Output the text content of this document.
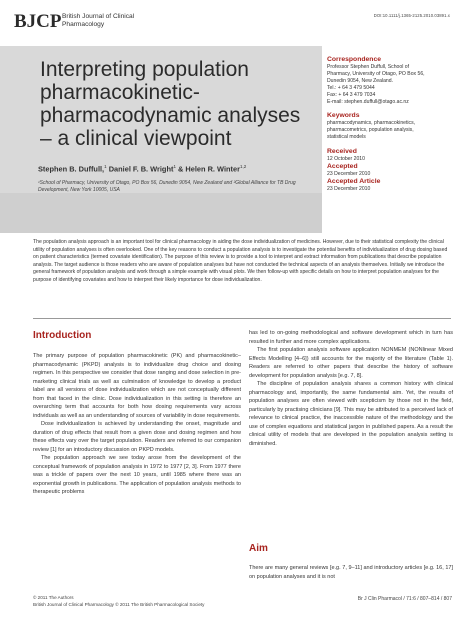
BJCP British Journal of Clinical Pharmacology
DOI:10.1111/j.1365-2125.2010.03891.x
Interpreting population pharmacokinetic-pharmacodynamic analyses – a clinical viewpoint
Stephen B. Duffull,$^1$ Daniel F. B. Wright$^1$ & Helen R. Winter$^{1,2}$
¹School of Pharmacy, University of Otago, PO Box 56, Dunedin 9054, New Zealand and ²Global Alliance for TB Drug Development, New York 10005, USA

Correspondence

Professor Stephen Duffull, School of

Pharmacy, University of Otago, PO Box 56,

Dunedin 9054, New Zealand.

Tel.: + 64 3 479 5044

Fax: + 64 3 479 7034

E-mail: stephen.duffull@otago.ac.nz

Keywords

pharmacodynamics, pharmacokinetics,

pharmacometrics, population analysis,

statistical models

Received

12 October 2010

Accepted

23 December 2010

Accepted Article

23 December 2010

The population analysis approach is an important tool for clinical pharmacology in aiding the dose individualization of medicines. However, due to their statistical complexity the clinical utility of population analyses is often overlooked. One of the key reasons to conduct a population analysis is to investigate the potential benefits of individualization of drug dosing based on patient characteristics (termed covariate identification). The purpose of this review is to provide a tool to interpret and extract information from publications that describe population analysis. The target audience is those readers who are aware of population analyses but have not conducted the technical aspects of an analysis themselves. Initially we introduce the general framework of population analysis and work through a simple example with visual plots. We then follow-up with specific details on how to interpret population analyses for the purpose of identifying covariates and how to interpret their likely importance for dose individualization.
Introduction

The primary purpose of population pharmacokinetic (PK) and pharmacokinetic–pharmacodynamic (PKPD) analysis is to individualize drug choice and dosing regimen. In this perspective we consider that dose ranging and dose selection in pre-marketing clinical trials as well as culmination of knowledge to develop a product label are all versions of dose individualization which are not conceptually different from that faced in the clinic. Dose individualization in this setting is therefore an overarching term that accounts for both how dosing requirements vary across individuals as well as an understanding of sources of variability in dose requirements.

Dose individualization is achieved by understanding the onset, magnitude and duration of drug effects that result from a given dose and dosing regimen and how these effects vary over the target population. Readers are referred to our companion review [1] for an introductory discussion on PKPD models.

The population approach we see today arose from the development of the conceptual framework of population analysis in 1972 to 1977 [2, 3]. From 1977 there was a trickle of papers over the next 10 years, until 1985 where there was an exponential growth in publications. The application of population analysis methods to therapeutic problems

has led to on-going methodological and software development which in turn has resulted in further and more complex applications.

The first population analysis software application NONMEM (NONlinear Mixed Effects Modelling [4–6]) still accounts for the majority of the literature (Table 1). Readers are referred to other papers that describe the history of software development for population analysis [e.g. 7, 8].

The discipline of population analysis shares a common history with clinical pharmacology and, importantly, the same fundamental aim. Yet, the results of population analyses are often viewed with scepticism by those not in the field, particularly by practising clinicians [9]. This may be attributed to a perceived lack of relevance to clinical practice, the inaccessible nature of the methodology and the use of complex equations and statistical jargon in published papers. As a result the clinical utility of models that are developed in the population analysis setting is diminished.

Aim

There are many general reviews [e.g. 7, 9–11] and introductory articles [e.g. 16, 17] on population analyses and it is not

© 2011 The Authors
British Journal of Clinical Pharmacology © 2011 The British Pharmacological Society
Br J Clin Pharmacol / 71:6 / 807–814 / 807
